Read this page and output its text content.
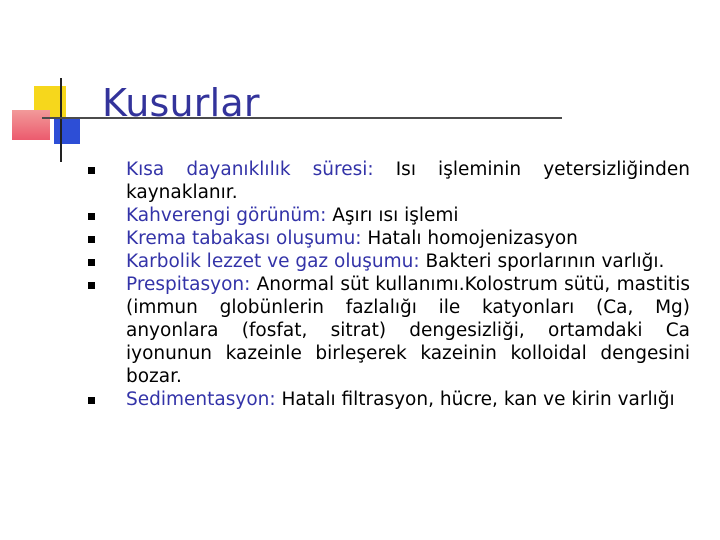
Kusurlar
Kısa dayanıklılık süresi: Isı işleminin yetersizliğinden kaynaklanır.
Kahverengi görünüm: Aşırı ısı işlemi
Krema tabakası oluşumu: Hatalı homojenizasyon
Karbolik lezzet ve gaz oluşumu: Bakteri sporlarının varlığı.
Prespitasyon: Anormal süt kullanımı.Kolostrum sütü, mastitis (immun globünlerin fazlalığı ile katyonları (Ca, Mg) anyonlara (fosfat, sitrat) dengesizliği, ortamdaki Ca iyonunun kazeinle birleşerek kazeinin kolloidal dengesini bozar.
Sedimentasyon: Hatalı filtrasyon, hücre, kan ve kirin varlığı
